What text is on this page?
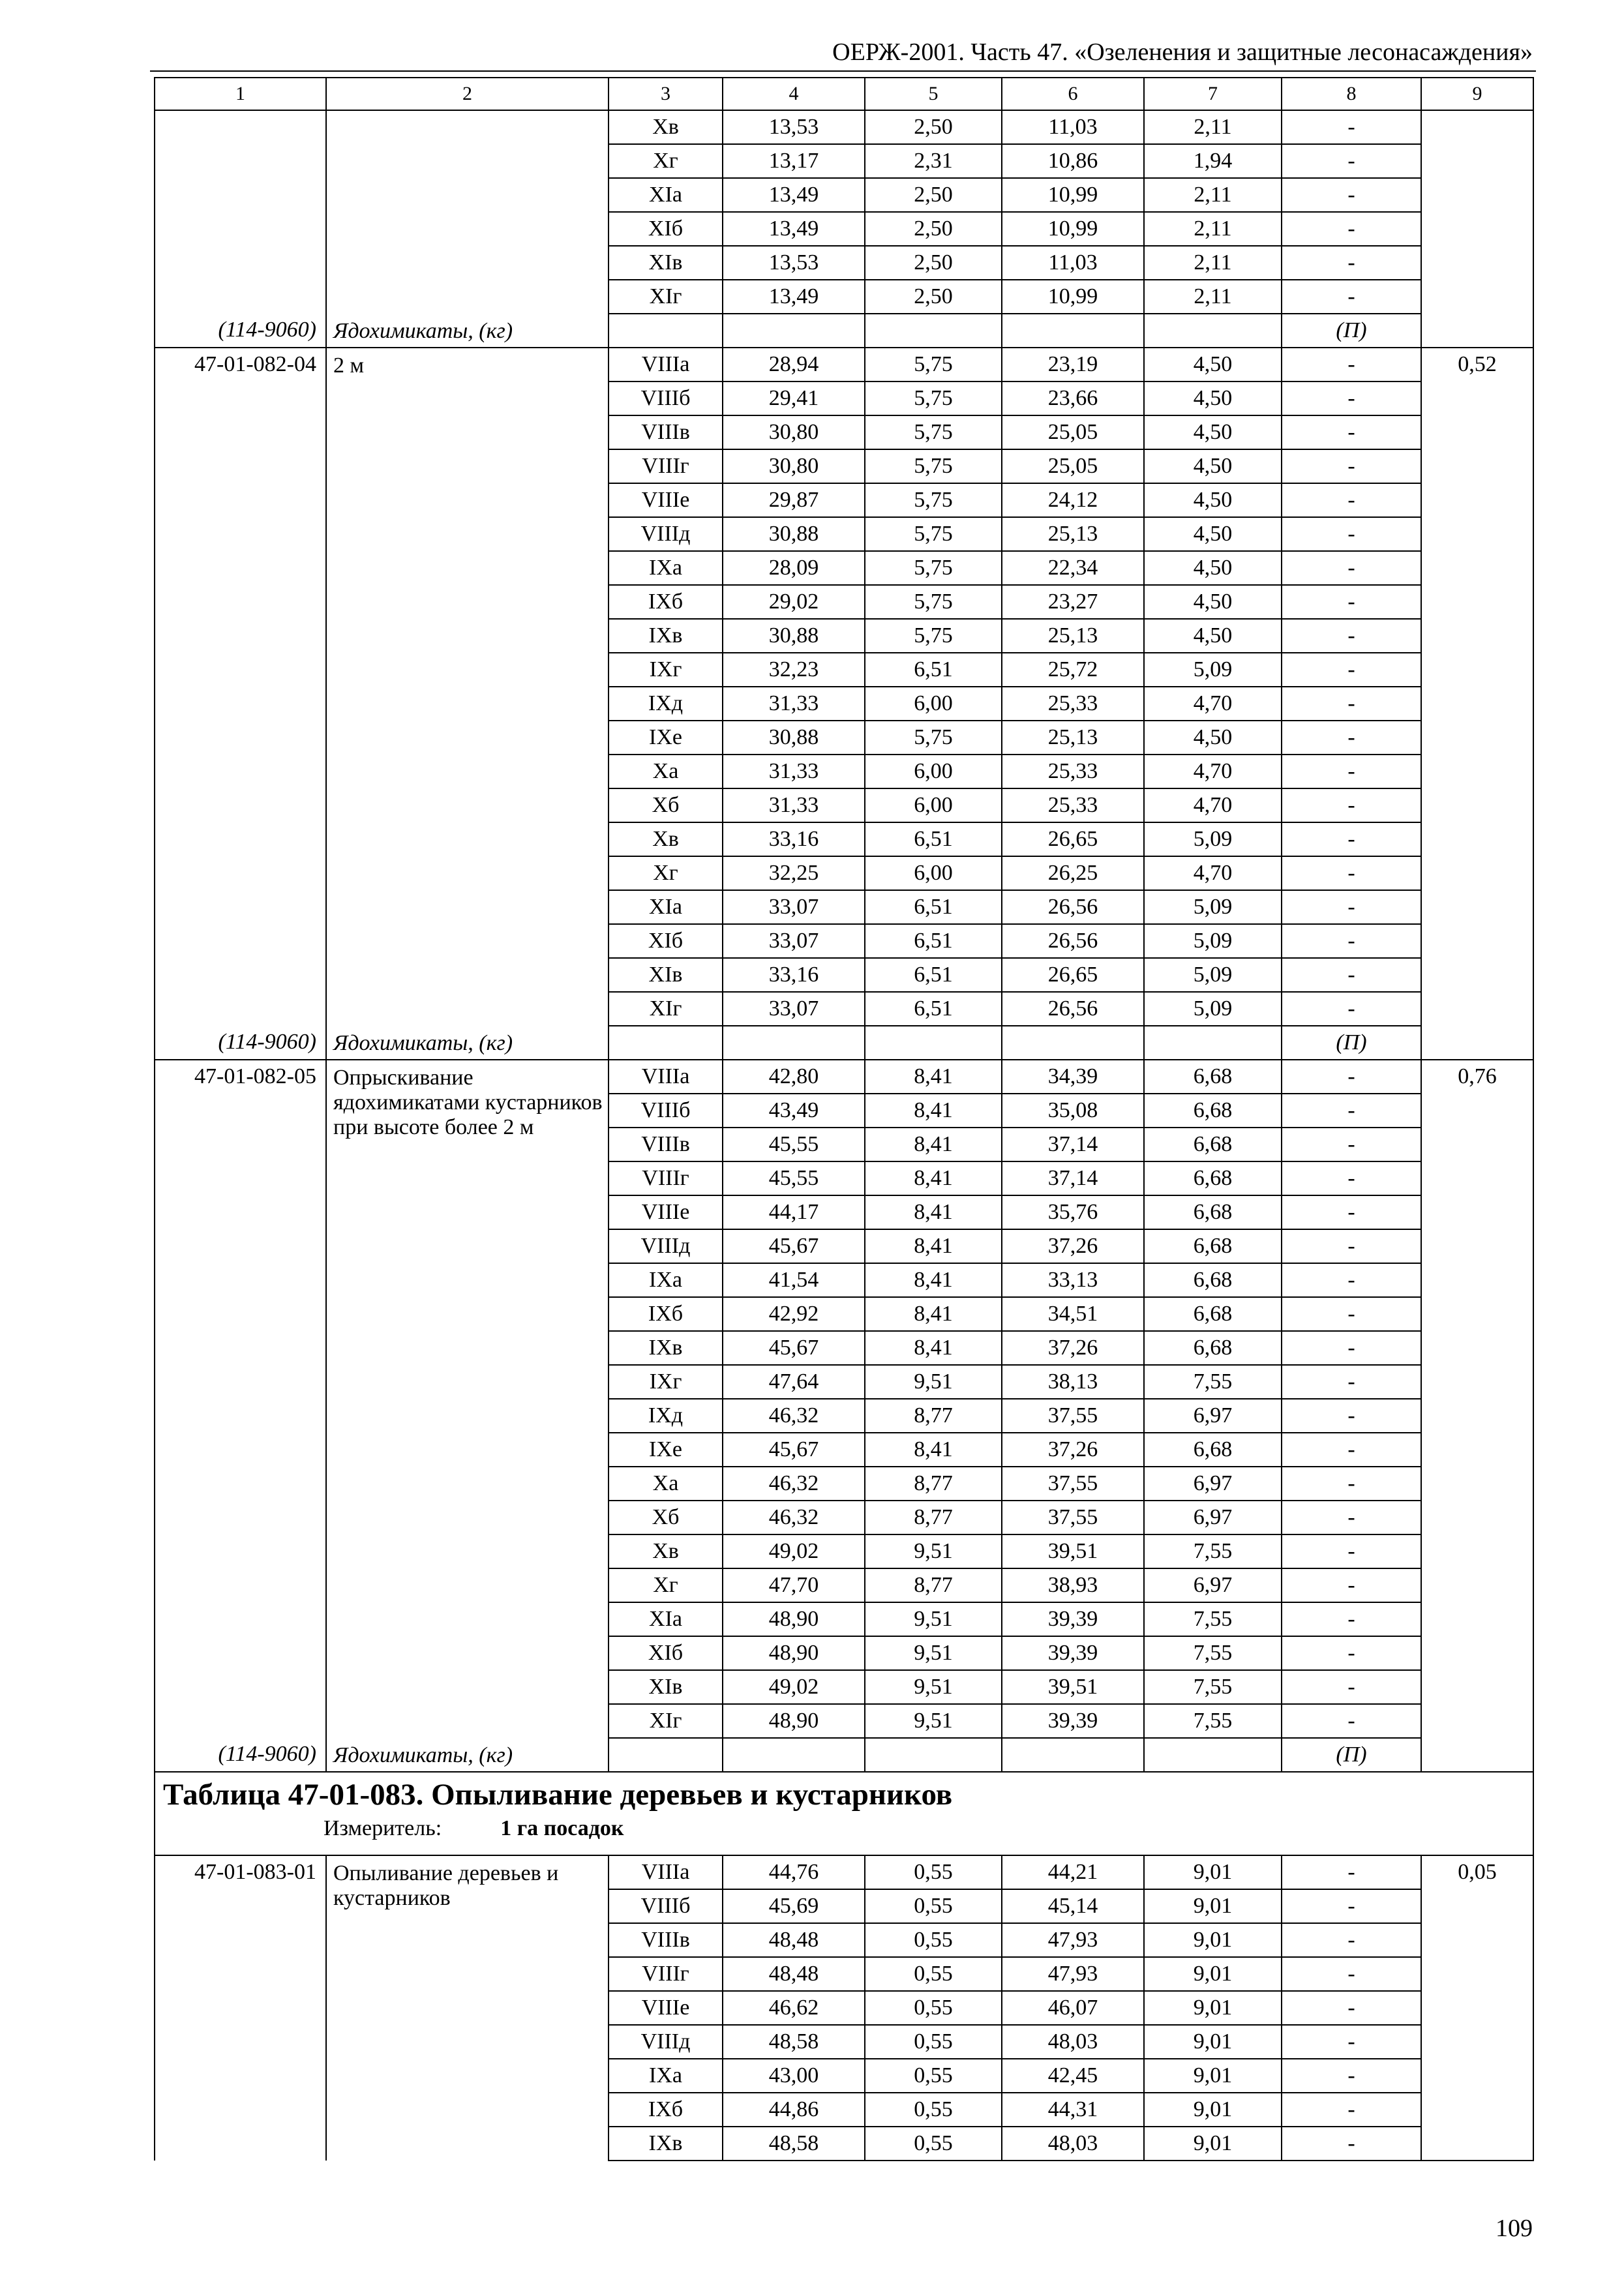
ОЕРЖ-2001. Часть 47. «Озеленения и защитные лесонасаждения»
1	2	3	4	5	6	7	8	9
		Хв	13,53	2,50	11,03	2,11	-	
		Хг	13,17	2,31	10,86	1,94	-	
		ХIа	13,49	2,50	10,99	2,11	-	
		ХIб	13,49	2,50	10,99	2,11	-	
		ХIв	13,53	2,50	11,03	2,11	-	
		ХIг	13,49	2,50	10,99	2,11	-	
(114-9060)	Ядохимикаты, (кг)						(П)	
47-01-082-04	2 м	VIIIа	28,94	5,75	23,19	4,50	-	0,52
		VIIIб	29,41	5,75	23,66	4,50	-	
		VIIIв	30,80	5,75	25,05	4,50	-	
		VIIIг	30,80	5,75	25,05	4,50	-	
		VIIIе	29,87	5,75	24,12	4,50	-	
		VIIIд	30,88	5,75	25,13	4,50	-	
		IХа	28,09	5,75	22,34	4,50	-	
		IХб	29,02	5,75	23,27	4,50	-	
		IХв	30,88	5,75	25,13	4,50	-	
		IХг	32,23	6,51	25,72	5,09	-	
		IХд	31,33	6,00	25,33	4,70	-	
		IХе	30,88	5,75	25,13	4,50	-	
		Ха	31,33	6,00	25,33	4,70	-	
		Хб	31,33	6,00	25,33	4,70	-	
		Хв	33,16	6,51	26,65	5,09	-	
		Хг	32,25	6,00	26,25	4,70	-	
		ХIа	33,07	6,51	26,56	5,09	-	
		ХIб	33,07	6,51	26,56	5,09	-	
		ХIв	33,16	6,51	26,65	5,09	-	
		ХIг	33,07	6,51	26,56	5,09	-	
(114-9060)	Ядохимикаты, (кг)						(П)	
47-01-082-05	Опрыскивание ядохимикатами кустарников при высоте более 2 м	VIIIа	42,80	8,41	34,39	6,68	-	0,76
		VIIIб	43,49	8,41	35,08	6,68	-	
		VIIIв	45,55	8,41	37,14	6,68	-	
		VIIIг	45,55	8,41	37,14	6,68	-	
		VIIIе	44,17	8,41	35,76	6,68	-	
		VIIIд	45,67	8,41	37,26	6,68	-	
		IХа	41,54	8,41	33,13	6,68	-	
		IХб	42,92	8,41	34,51	6,68	-	
		IХв	45,67	8,41	37,26	6,68	-	
		IХг	47,64	9,51	38,13	7,55	-	
		IХд	46,32	8,77	37,55	6,97	-	
		IХе	45,67	8,41	37,26	6,68	-	
		Ха	46,32	8,77	37,55	6,97	-	
		Хб	46,32	8,77	37,55	6,97	-	
		Хв	49,02	9,51	39,51	7,55	-	
		Хг	47,70	8,77	38,93	6,97	-	
		ХIа	48,90	9,51	39,39	7,55	-	
		ХIб	48,90	9,51	39,39	7,55	-	
		ХIв	49,02	9,51	39,51	7,55	-	
		ХIг	48,90	9,51	39,39	7,55	-	
(114-9060)	Ядохимикаты, (кг)						(П)	

Таблица 47-01-083. Опыливание деревьев и кустарников
Измеритель: 1 га посадок								

47-01-083-01	Опыливание деревьев и кустарников	VIIIа	44,76	0,55	44,21	9,01	-	0,05
		VIIIб	45,69	0,55	45,14	9,01	-	
		VIIIв	48,48	0,55	47,93	9,01	-	
		VIIIг	48,48	0,55	47,93	9,01	-	
		VIIIе	46,62	0,55	46,07	9,01	-	
		VIIIд	48,58	0,55	48,03	9,01	-	
		IХа	43,00	0,55	42,45	9,01	-	
		IХб	44,86	0,55	44,31	9,01	-	
		IХв	48,58	0,55	48,03	9,01	-	
109
